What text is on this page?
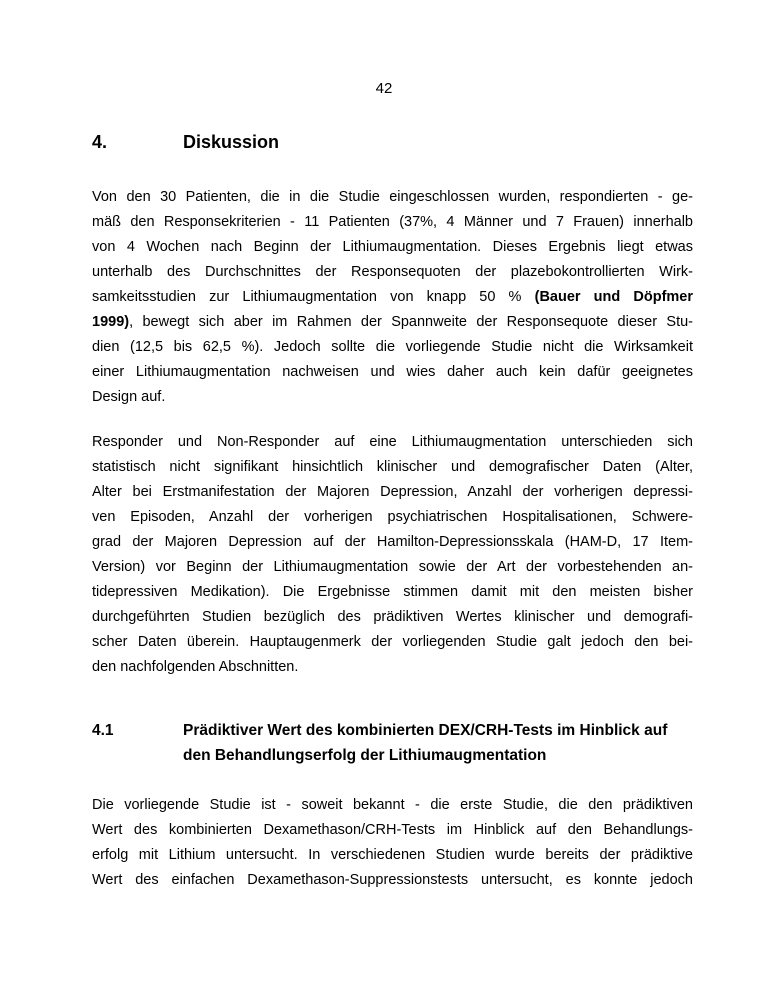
42
4.	Diskussion
Von den 30 Patienten, die in die Studie eingeschlossen wurden, respondierten - ge-
mäß den Responsekriterien - 11 Patienten (37%, 4 Männer und 7 Frauen) innerhalb
von 4 Wochen nach Beginn der Lithiumaugmentation. Dieses Ergebnis liegt etwas
unterhalb des Durchschnittes der Responsequoten der plazebokontrollierten Wirk-
samkeitsstudien zur Lithiumaugmentation von knapp 50 % (Bauer und Döpfmer
1999), bewegt sich aber im Rahmen der Spannweite der Responsequote dieser Stu-
dien (12,5 bis 62,5 %). Jedoch sollte die vorliegende Studie nicht die Wirksamkeit
einer Lithiumaugmentation nachweisen und wies daher auch kein dafür geeignetes
Design auf.
Responder und Non-Responder auf eine Lithiumaugmentation unterschieden sich
statistisch nicht signifikant hinsichtlich klinischer und demografischer Daten (Alter,
Alter bei Erstmanifestation der Majoren Depression, Anzahl der vorherigen depressi-
ven Episoden, Anzahl der vorherigen psychiatrischen Hospitalisationen, Schwere-
grad der Majoren Depression auf der Hamilton-Depressionsskala (HAM-D, 17 Item-
Version) vor Beginn der Lithiumaugmentation sowie der Art der vorbestehenden an-
tidepressiven Medikation). Die Ergebnisse stimmen damit mit den meisten bisher
durchgeführten Studien bezüglich des prädiktiven Wertes klinischer und demografi-
scher Daten überein. Hauptaugenmerk der vorliegenden Studie galt jedoch den bei-
den nachfolgenden Abschnitten.
4.1	Prädiktiver Wert des kombinierten DEX/CRH-Tests im Hinblick auf
den Behandlungserfolg der Lithiumaugmentation
Die vorliegende Studie ist - soweit bekannt - die erste Studie, die den prädiktiven
Wert des kombinierten Dexamethason/CRH-Tests im Hinblick auf den Behandlungs-
erfolg mit Lithium untersucht. In verschiedenen Studien wurde bereits der prädiktive
Wert des einfachen Dexamethason-Suppressionstests untersucht, es konnte jedoch
